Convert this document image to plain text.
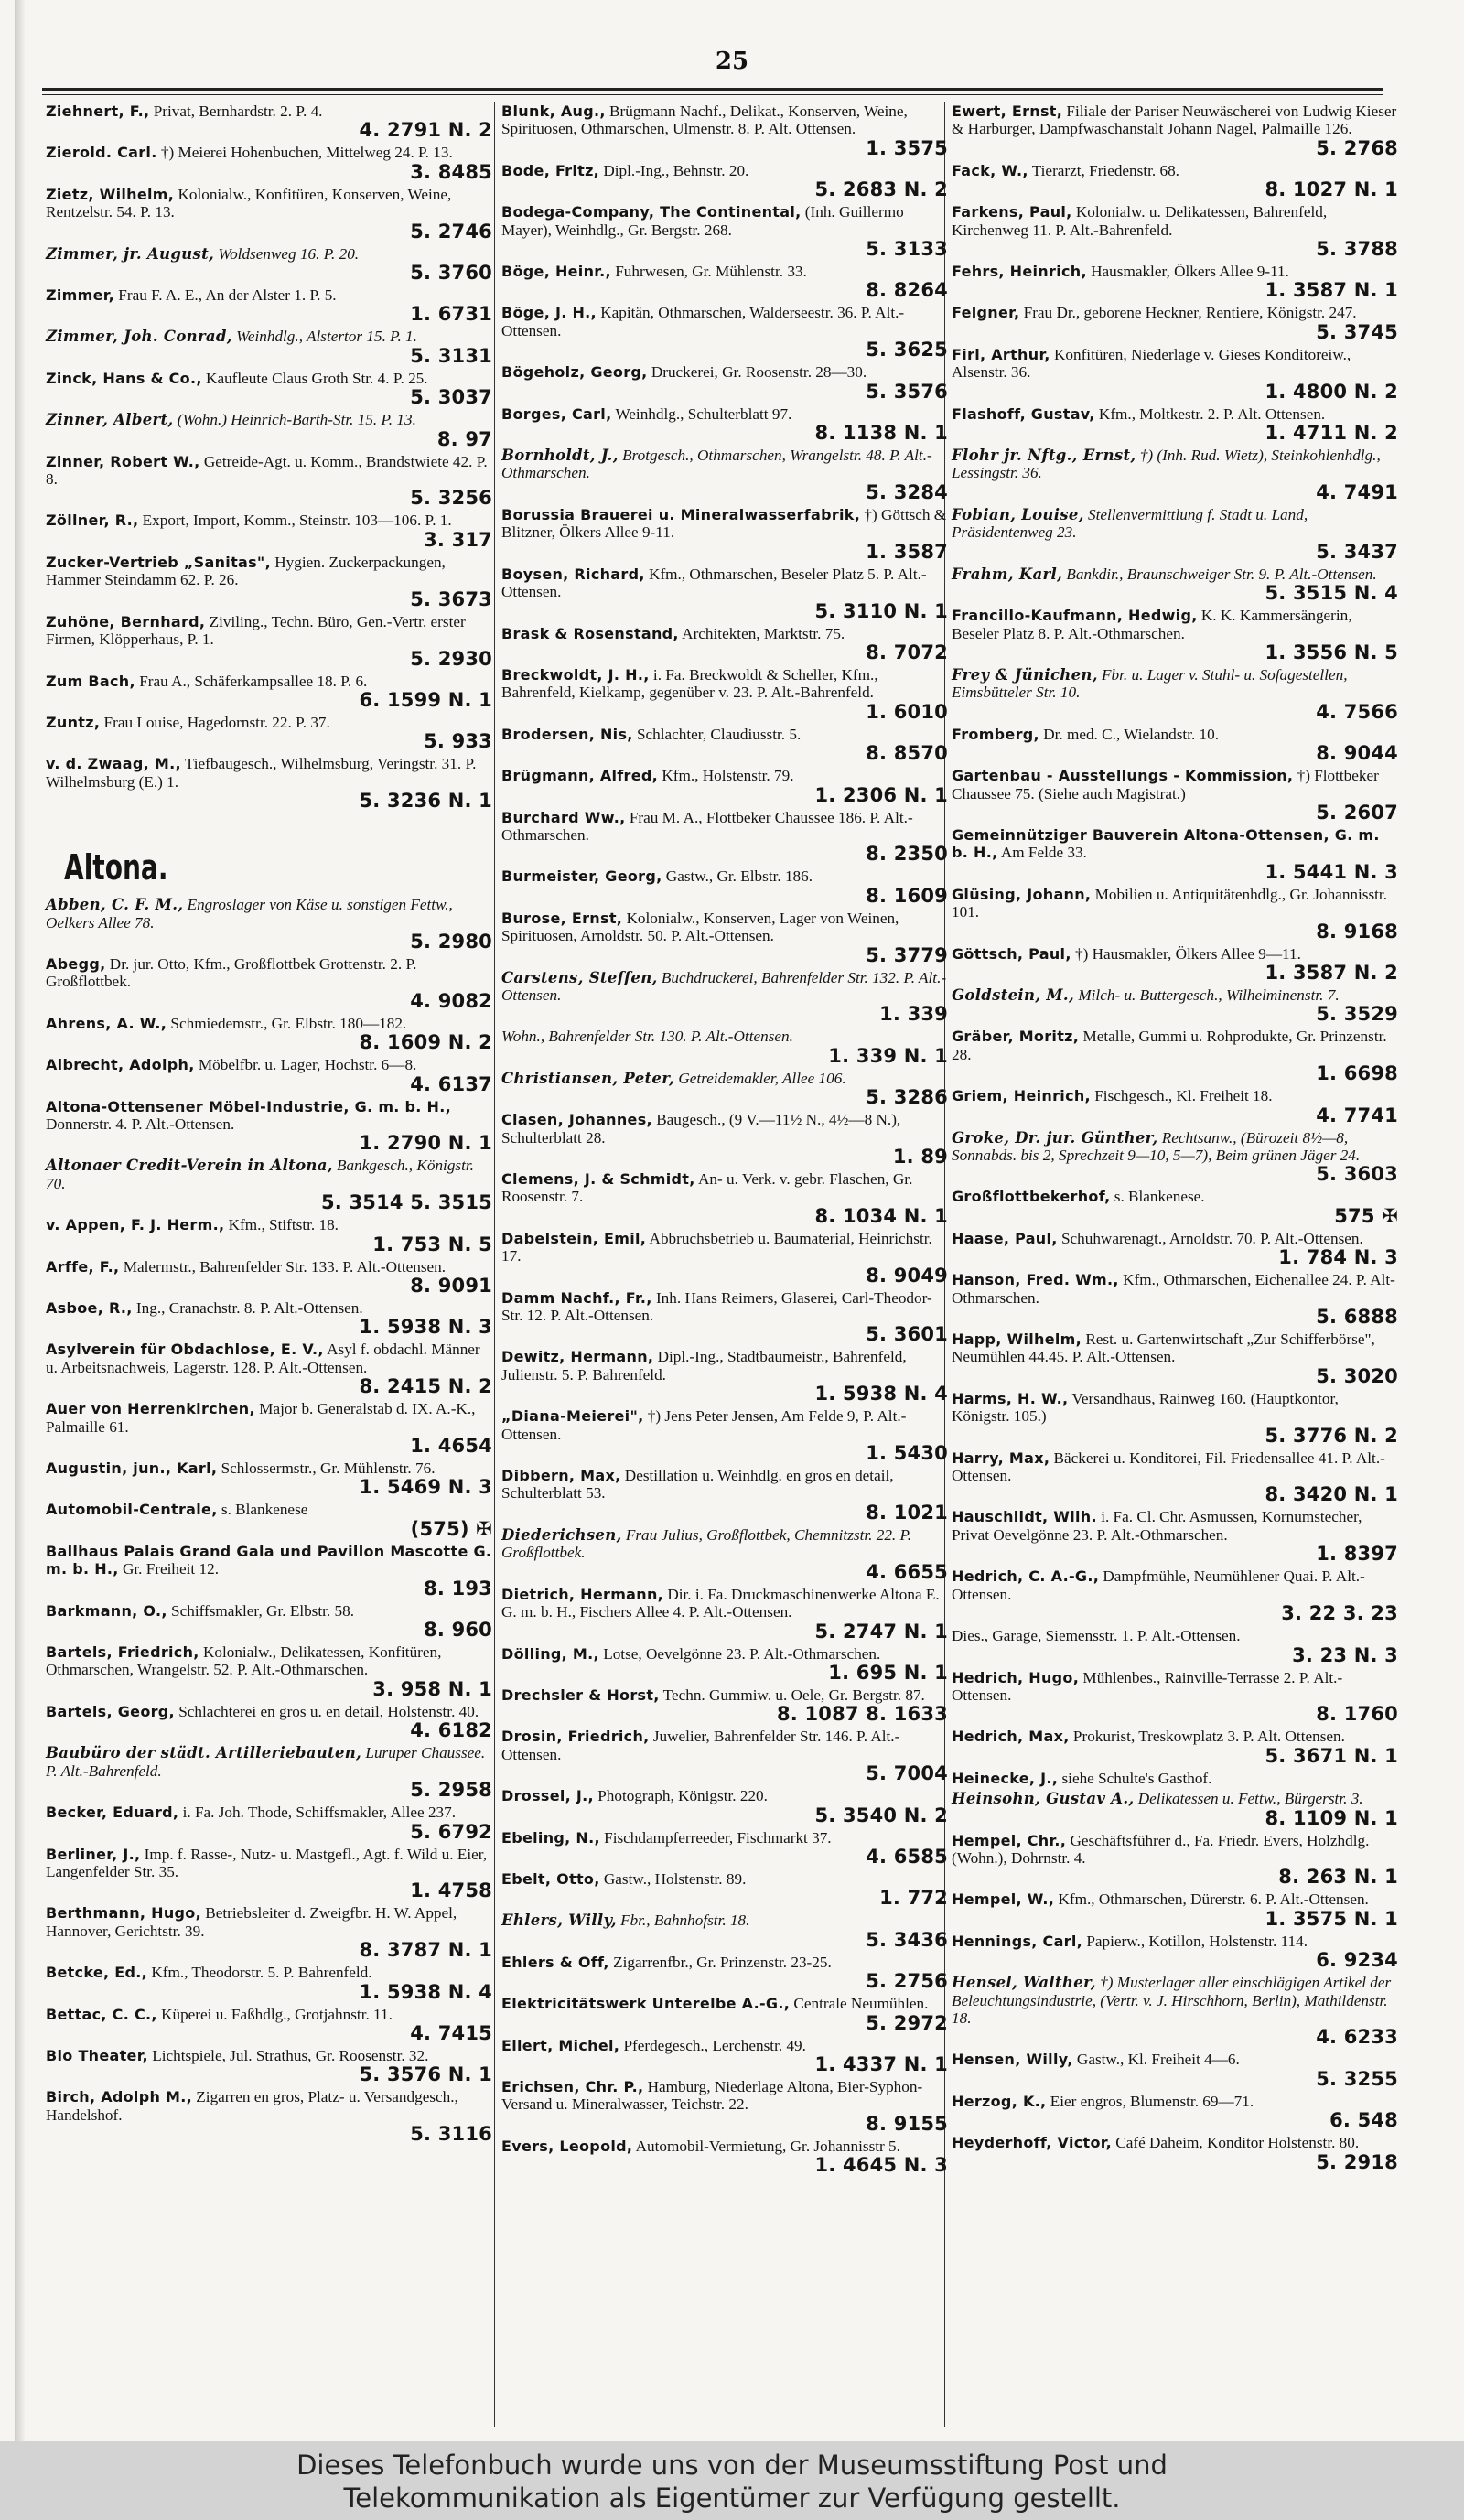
25
Ziehnert, F., Privat, Bernhardstr. 2. P. 4.
4. 2791 N. 2
Zierold. Carl. †) Meierei Hohenbuchen, Mittelweg 24. P. 13.
3. 8485
Zietz, Wilhelm, Kolonialw., Konfitüren, Konserven, Weine, Rentzelstr. 54. P. 13.
5. 2746
Zimmer, jr. August, Woldsenweg 16. P. 20.
5. 3760
Zimmer, Frau F. A. E., An der Alster 1. P. 5.
1. 6731
Zimmer, Joh. Conrad, Weinhdlg., Alstertor 15. P. 1.
5. 3131
Zinck, Hans & Co., Kaufleute Claus Groth Str. 4. P. 25.
5. 3037
Zinner, Albert, (Wohn.) Heinrich-Barth-Str. 15. P. 13.
8. 97
Zinner, Robert W., Getreide-Agt. u. Komm., Brandstwiete 42. P. 8.
5. 3256
Zöllner, R., Export, Import, Komm., Steinstr. 103—106. P. 1.
3. 317
Zucker-Vertrieb „Sanitas", Hygien. Zuckerpackungen, Hammer Steindamm 62. P. 26.
5. 3673
Zuhöne, Bernhard, Ziviling., Techn. Büro, Gen.-Vertr. erster Firmen, Klöpperhaus, P. 1.
5. 2930
Zum Bach, Frau A., Schäferkampsallee 18. P. 6.
6. 1599 N. 1
Zuntz, Frau Louise, Hagedornstr. 22. P. 37.
5. 933
v. d. Zwaag, M., Tiefbaugesch., Wilhelmsburg, Veringstr. 31. P. Wilhelmsburg (E.) 1.
5. 3236 N. 1
Altona.
Abben, C. F. M., Engroslager von Käse u. sonstigen Fettw., Oelkers Allee 78.
5. 2980
Abegg, Dr. jur. Otto, Kfm., Großflottbek Grottenstr. 2. P. Großflottbek.
4. 9082
Ahrens, A. W., Schmiedemstr., Gr. Elbstr. 180—182.
8. 1609 N. 2
Albrecht, Adolph, Möbelfbr. u. Lager, Hochstr. 6—8.
4. 6137
Altona-Ottensener Möbel-Industrie, G. m. b. H., Donnerstr. 4. P. Alt.-Ottensen.
1. 2790 N. 1
Altonaer Credit-Verein in Altona, Bankgesch., Königstr. 70.
5. 3514 5. 3515
v. Appen, F. J. Herm., Kfm., Stiftstr. 18.
1. 753 N. 5
Arffe, F., Malermstr., Bahrenfelder Str. 133. P. Alt.-Ottensen.
8. 9091
Asboe, R., Ing., Cranachstr. 8. P. Alt.-Ottensen.
1. 5938 N. 3
Asylverein für Obdachlose, E. V., Asyl f. obdachl. Männer u. Arbeitsnachweis, Lagerstr. 128. P. Alt.-Ottensen.
8. 2415 N. 2
Auer von Herrenkirchen, Major b. Generalstab d. IX. A.-K., Palmaille 61.
1. 4654
Augustin, jun., Karl, Schlossermstr., Gr. Mühlenstr. 76.
1. 5469 N. 3
Automobil-Centrale, s. Blankenese
(575) ✠
Ballhaus Palais Grand Gala und Pavillon Mascotte G. m. b. H., Gr. Freiheit 12.
8. 193
Barkmann, O., Schiffsmakler, Gr. Elbstr. 58.
8. 960
Bartels, Friedrich, Kolonialw., Delikatessen, Konfitüren, Othmarschen, Wrangelstr. 52. P. Alt.-Othmarschen.
3. 958 N. 1
Bartels, Georg, Schlachterei en gros u. en detail, Holstenstr. 40.
4. 6182
Baubüro der städt. Artilleriebauten, Luruper Chaussee. P. Alt.-Bahrenfeld.
5. 2958
Becker, Eduard, i. Fa. Joh. Thode, Schiffsmakler, Allee 237.
5. 6792
Berliner, J., Imp. f. Rasse-, Nutz- u. Mastgefl., Agt. f. Wild u. Eier, Langenfelder Str. 35.
1. 4758
Berthmann, Hugo, Betriebsleiter d. Zweigfbr. H. W. Appel, Hannover, Gerichtstr. 39.
8. 3787 N. 1
Betcke, Ed., Kfm., Theodorstr. 5. P. Bahrenfeld.
1. 5938 N. 4
Bettac, C. C., Küperei u. Faßhdlg., Grotjahnstr. 11.
4. 7415
Bio Theater, Lichtspiele, Jul. Strathus, Gr. Roosenstr. 32.
5. 3576 N. 1
Birch, Adolph M., Zigarren en gros, Platz- u. Versandgesch., Handelshof.
5. 3116
Blunk, Aug., Brügmann Nachf., Delikat., Konserven, Weine, Spirituosen, Othmarschen, Ulmenstr. 8. P. Alt. Ottensen.
1. 3575
Bode, Fritz, Dipl.-Ing., Behnstr. 20.
5. 2683 N. 2
Bodega-Company, The Continental, (Inh. Guillermo Mayer), Weinhdlg., Gr. Bergstr. 268.
5. 3133
Böge, Heinr., Fuhrwesen, Gr. Mühlenstr. 33.
8. 8264
Böge, J. H., Kapitän, Othmarschen, Walderseestr. 36. P. Alt.-Ottensen.
5. 3625
Bögeholz, Georg, Druckerei, Gr. Roosenstr. 28—30.
5. 3576
Borges, Carl, Weinhdlg., Schulterblatt 97.
8. 1138 N. 1
Bornholdt, J., Brotgesch., Othmarschen, Wrangelstr. 48. P. Alt.-Othmarschen.
5. 3284
Borussia Brauerei u. Mineralwasserfabrik, †) Göttsch & Blitzner, Ölkers Allee 9-11.
1. 3587
Boysen, Richard, Kfm., Othmarschen, Beseler Platz 5. P. Alt.-Ottensen.
5. 3110 N. 1
Brask & Rosenstand, Architekten, Marktstr. 75.
8. 7072
Breckwoldt, J. H., i. Fa. Breckwoldt & Scheller, Kfm., Bahrenfeld, Kielkamp, gegenüber v. 23. P. Alt.-Bahrenfeld.
1. 6010
Brodersen, Nis, Schlachter, Claudiusstr. 5.
8. 8570
Brügmann, Alfred, Kfm., Holstenstr. 79.
1. 2306 N. 1
Burchard Ww., Frau M. A., Flottbeker Chaussee 186. P. Alt.-Othmarschen.
8. 2350
Burmeister, Georg, Gastw., Gr. Elbstr. 186.
8. 1609
Burose, Ernst, Kolonialw., Konserven, Lager von Weinen, Spirituosen, Arnoldstr. 50. P. Alt.-Ottensen.
5. 3779
Carstens, Steffen, Buchdruckerei, Bahrenfelder Str. 132. P. Alt.-Ottensen.
1. 339
Wohn., Bahrenfelder Str. 130. P. Alt.-Ottensen.
1. 339 N. 1
Christiansen, Peter, Getreidemakler, Allee 106.
5. 3286
Clasen, Johannes, Baugesch., (9 V.—11½ N., 4½—8 N.), Schulterblatt 28.
1. 89
Clemens, J. & Schmidt, An- u. Verk. v. gebr. Flaschen, Gr. Roosenstr. 7.
8. 1034 N. 1
Dabelstein, Emil, Abbruchsbetrieb u. Baumaterial, Heinrichstr. 17.
8. 9049
Damm Nachf., Fr., Inh. Hans Reimers, Glaserei, Carl-Theodor-Str. 12. P. Alt.-Ottensen.
5. 3601
Dewitz, Hermann, Dipl.-Ing., Stadtbaumeistr., Bahrenfeld, Julienstr. 5. P. Bahrenfeld.
1. 5938 N. 4
„Diana-Meierei", †) Jens Peter Jensen, Am Felde 9, P. Alt.-Ottensen.
1. 5430
Dibbern, Max, Destillation u. Weinhdlg. en gros en detail, Schulterblatt 53.
8. 1021
Diederichsen, Frau Julius, Großflottbek, Chemnitzstr. 22. P. Großflottbek.
4. 6655
Dietrich, Hermann, Dir. i. Fa. Druckmaschinenwerke Altona E. G. m. b. H., Fischers Allee 4. P. Alt.-Ottensen.
5. 2747 N. 1
Dölling, M., Lotse, Oevelgönne 23. P. Alt.-Othmarschen.
1. 695 N. 1
Drechsler & Horst, Techn. Gummiw. u. Oele, Gr. Bergstr. 87.
8. 1087 8. 1633
Drosin, Friedrich, Juwelier, Bahrenfelder Str. 146. P. Alt.-Ottensen.
5. 7004
Drossel, J., Photograph, Königstr. 220.
5. 3540 N. 2
Ebeling, N., Fischdampferreeder, Fischmarkt 37.
4. 6585
Ebelt, Otto, Gastw., Holstenstr. 89.
1. 772
Ehlers, Willy, Fbr., Bahnhofstr. 18.
5. 3436
Ehlers & Off, Zigarrenfbr., Gr. Prinzenstr. 23-25.
5. 2756
Elektricitätswerk Unterelbe A.-G., Centrale Neumühlen.
5. 2972
Ellert, Michel, Pferdegesch., Lerchenstr. 49.
1. 4337 N. 1
Erichsen, Chr. P., Hamburg, Niederlage Altona, Bier-Syphon-Versand u. Mineralwasser, Teichstr. 22.
8. 9155
Evers, Leopold, Automobil-Vermietung, Gr. Johannisstr 5.
1. 4645 N. 3
Ewert, Ernst, Filiale der Pariser Neuwäscherei von Ludwig Kieser & Harburger, Dampfwaschanstalt Johann Nagel, Palmaille 126.
5. 2768
Fack, W., Tierarzt, Friedenstr. 68.
8. 1027 N. 1
Farkens, Paul, Kolonialw. u. Delikatessen, Bahrenfeld, Kirchenweg 11. P. Alt.-Bahrenfeld.
5. 3788
Fehrs, Heinrich, Hausmakler, Ölkers Allee 9-11.
1. 3587 N. 1
Felgner, Frau Dr., geborene Heckner, Rentiere, Königstr. 247.
5. 3745
Firl, Arthur, Konfitüren, Niederlage v. Gieses Konditoreiw., Alsenstr. 36.
1. 4800 N. 2
Flashoff, Gustav, Kfm., Moltkestr. 2. P. Alt. Ottensen.
1. 4711 N. 2
Flohr jr. Nftg., Ernst, †) (Inh. Rud. Wietz), Steinkohlenhdlg., Lessingstr. 36.
4. 7491
Fobian, Louise, Stellenvermittlung f. Stadt u. Land, Präsidentenweg 23.
5. 3437
Frahm, Karl, Bankdir., Braunschweiger Str. 9. P. Alt.-Ottensen.
5. 3515 N. 4
Francillo-Kaufmann, Hedwig, K. K. Kammersängerin, Beseler Platz 8. P. Alt.-Othmarschen.
1. 3556 N. 5
Frey & Jünichen, Fbr. u. Lager v. Stuhl- u. Sofagestellen, Eimsbütteler Str. 10.
4. 7566
Fromberg, Dr. med. C., Wielandstr. 10.
8. 9044
Gartenbau - Ausstellungs - Kommission, †) Flottbeker Chaussee 75. (Siehe auch Magistrat.)
5. 2607
Gemeinnütziger Bauverein Altona-Ottensen, G. m. b. H., Am Felde 33.
1. 5441 N. 3
Glüsing, Johann, Mobilien u. Antiquitätenhdlg., Gr. Johannisstr. 101.
8. 9168
Göttsch, Paul, †) Hausmakler, Ölkers Allee 9—11.
1. 3587 N. 2
Goldstein, M., Milch- u. Buttergesch., Wilhelminenstr. 7.
5. 3529
Gräber, Moritz, Metalle, Gummi u. Rohprodukte, Gr. Prinzenstr. 28.
1. 6698
Griem, Heinrich, Fischgesch., Kl. Freiheit 18.
4. 7741
Groke, Dr. jur. Günther, Rechtsanw., (Bürozeit 8½—8, Sonnabds. bis 2, Sprechzeit 9—10, 5—7), Beim grünen Jäger 24.
5. 3603
Großflottbekerhof, s. Blankenese.
575 ✠
Haase, Paul, Schuhwarenagt., Arnoldstr. 70. P. Alt.-Ottensen.
1. 784 N. 3
Hanson, Fred. Wm., Kfm., Othmarschen, Eichenallee 24. P. Alt-Othmarschen.
5. 6888
Happ, Wilhelm, Rest. u. Gartenwirtschaft „Zur Schifferbörse", Neumühlen 44.45. P. Alt.-Ottensen.
5. 3020
Harms, H. W., Versandhaus, Rainweg 160. (Hauptkontor, Königstr. 105.)
5. 3776 N. 2
Harry, Max, Bäckerei u. Konditorei, Fil. Friedensallee 41. P. Alt.-Ottensen.
8. 3420 N. 1
Hauschildt, Wilh. i. Fa. Cl. Chr. Asmussen, Kornumstecher, Privat Oevelgönne 23. P. Alt.-Othmarschen.
1. 8397
Hedrich, C. A.-G., Dampfmühle, Neumühlener Quai. P. Alt.-Ottensen.
3. 22 3. 23
Dies., Garage, Siemensstr. 1. P. Alt.-Ottensen.
3. 23 N. 3
Hedrich, Hugo, Mühlenbes., Rainville-Terrasse 2. P. Alt.-Ottensen.
8. 1760
Hedrich, Max, Prokurist, Treskowplatz 3. P. Alt. Ottensen.
5. 3671 N. 1
Heinecke, J., siehe Schulte's Gasthof.
Heinsohn, Gustav A., Delikatessen u. Fettw., Bürgerstr. 3.
8. 1109 N. 1
Hempel, Chr., Geschäftsführer d., Fa. Friedr. Evers, Holzhdlg. (Wohn.), Dohrnstr. 4.
8. 263 N. 1
Hempel, W., Kfm., Othmarschen, Dürerstr. 6. P. Alt.-Ottensen.
1. 3575 N. 1
Hennings, Carl, Papierw., Kotillon, Holstenstr. 114.
6. 9234
Hensel, Walther, †) Musterlager aller einschlägigen Artikel der Beleuchtungsindustrie, (Vertr. v. J. Hirschhorn, Berlin), Mathildenstr. 18.
4. 6233
Hensen, Willy, Gastw., Kl. Freiheit 4—6.
5. 3255
Herzog, K., Eier engros, Blumenstr. 69—71.
6. 548
Heyderhoff, Victor, Café Daheim, Konditor Holstenstr. 80.
5. 2918
Dieses Telefonbuch wurde uns von der Museumsstiftung Post und
Telekommunikation als Eigentümer zur Verfügung gestellt.
